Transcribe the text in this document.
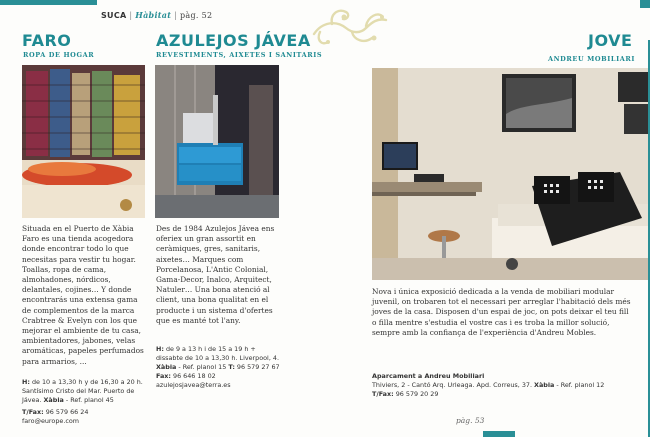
SUCA | Hàbitat | pàg. 52
FARO
ROPA DE HOGAR
Situada en el Puerto de Xàbia Faro es una tienda acogedora donde encontrar todo lo que necesitas para vestir tu hogar. Toallas, ropa de cama, almohadones, nórdicos, delantales, cojines… Y donde encontrarás una extensa gama de complementos de la marca Crabtree & Evelyn con los que mejorar el ambiente de tu casa, ambientadores, jabones, velas aromáticas, papeles perfumados para armarios, ...
H: de 10 a 13,30 h y de 16,30 a 20 h.
Santísimo Cristo del Mar. Puerto de
Jávea. Xàbia - Ref. planol 45
T/Fax: 96 579 66 24 faro@europe.com
AZULEJOS JÁVEA
REVESTIMENTS, AIXETES I SANITARIS
Des de 1984 Azulejos Jávea ens oferiex un gran assortit en ceràmiques, gres, sanitaris, aixetes… Marques com Porcelanosa, L'Antic Colonial, Gama-Decor, Inalco, Arquitect, Natuler… Una bona atenció al client, una bona qualitat en el producte i un sistema d'ofertes que es manté tot l'any.
H: de 9 a 13 h i de 15 a 19 h +
dissabte de 10 a 13,30 h. Liverpool, 4.
Xàbia - Ref. planol 15 T: 96 579 27 67
Fax: 96 646 18 02
azulejosjavea@terra.es
JOVE
ANDREU MOBILIARI
Nova i única exposició dedicada a la venda de mobiliari modular juvenil, on trobaren tot el necessari per arreglar l'habitació dels més joves de la casa. Disposen d'un espai de joc, on pots deixar el teu fill o filla mentre s'estudia el vostre cas i es troba la millor solució, sempre amb la confiança de l'experiència d'Andreu Mobles.
Aparcament a Andreu Mobiliari
Thiviers, 2 - Cantó Arq. Urleaga. Apd. Correus, 37. Xàbia - Ref. planol 12
T/Fax: 96 579 20 29
pàg. 53
